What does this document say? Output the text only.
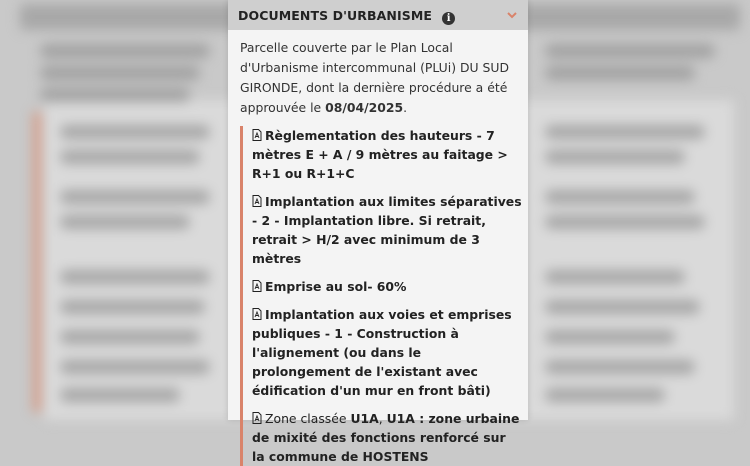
DOCUMENTS D'URBANISME i
Parcelle couverte par le Plan Local d'Urbanisme intercommunal (PLUi) DU SUD GIRONDE, dont la dernière procédure a été approuvée le 08/04/2025.
Règlementation des hauteurs - 7 mètres E + A / 9 mètres au faitage > R+1 ou R+1+C
Implantation aux limites séparatives - 2 - Implantation libre. Si retrait, retrait > H/2 avec minimum de 3 mètres
Emprise au sol- 60%
Implantation aux voies et emprises publiques - 1 - Construction à l'alignement (ou dans le prolongement de l'existant avec édification d'un mur en front bâti)
Zone classée U1A, U1A : zone urbaine de mixité des fonctions renforcé sur la commune de HOSTENS
